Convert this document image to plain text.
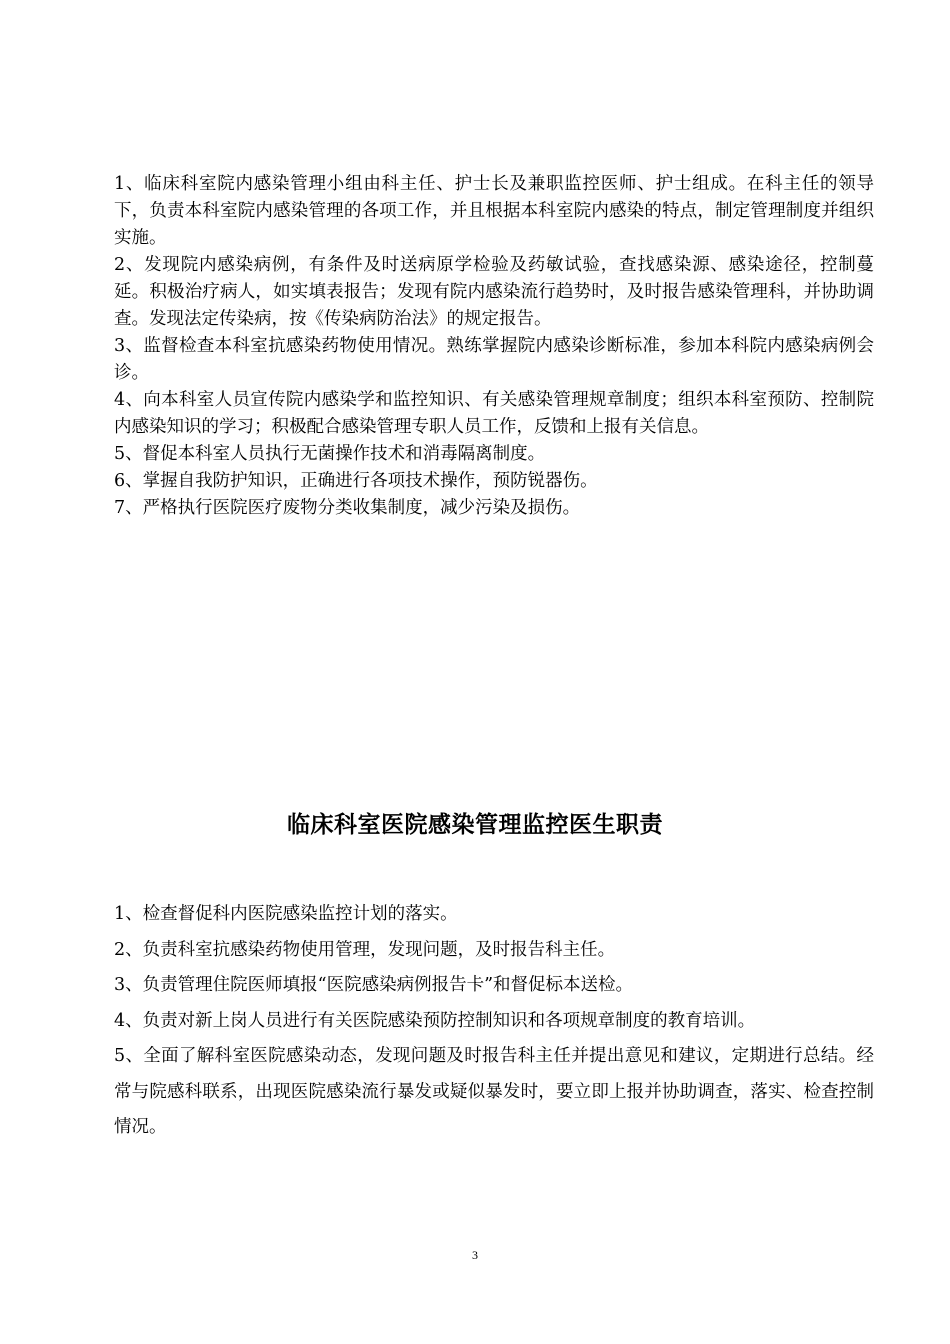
1、临床科室院内感染管理小组由科主任、护士长及兼职监控医师、护士组成。在科主任的领导下，负责本科室院内感染管理的各项工作，并且根据本科室院内感染的特点，制定管理制度并组织实施。

2、发现院内感染病例，有条件及时送病原学检验及药敏试验，查找感染源、感染途径，控制蔓延。积极治疗病人，如实填表报告；发现有院内感染流行趋势时，及时报告感染管理科，并协助调查。发现法定传染病，按《传染病防治法》的规定报告。

3、监督检查本科室抗感染药物使用情况。熟练掌握院内感染诊断标准，参加本科院内感染病例会诊。

4、向本科室人员宣传院内感染学和监控知识、有关感染管理规章制度；组织本科室预防、控制院内感染知识的学习；积极配合感染管理专职人员工作，反馈和上报有关信息。

5、督促本科室人员执行无菌操作技术和消毒隔离制度。

6、掌握自我防护知识，正确进行各项技术操作，预防锐器伤。

7、严格执行医院医疗废物分类收集制度，减少污染及损伤。

临床科室医院感染管理监控医生职责

1、检查督促科内医院感染监控计划的落实。

2、负责科室抗感染药物使用管理，发现问题，及时报告科主任。

3、负责管理住院医师填报“医院感染病例报告卡”和督促标本送检。

4、负责对新上岗人员进行有关医院感染预防控制知识和各项规章制度的教育培训。

5、全面了解科室医院感染动态，发现问题及时报告科主任并提出意见和建议，定期进行总结。经常与院感科联系，出现医院感染流行暴发或疑似暴发时，要立即上报并协助调查，落实、检查控制情况。

3
